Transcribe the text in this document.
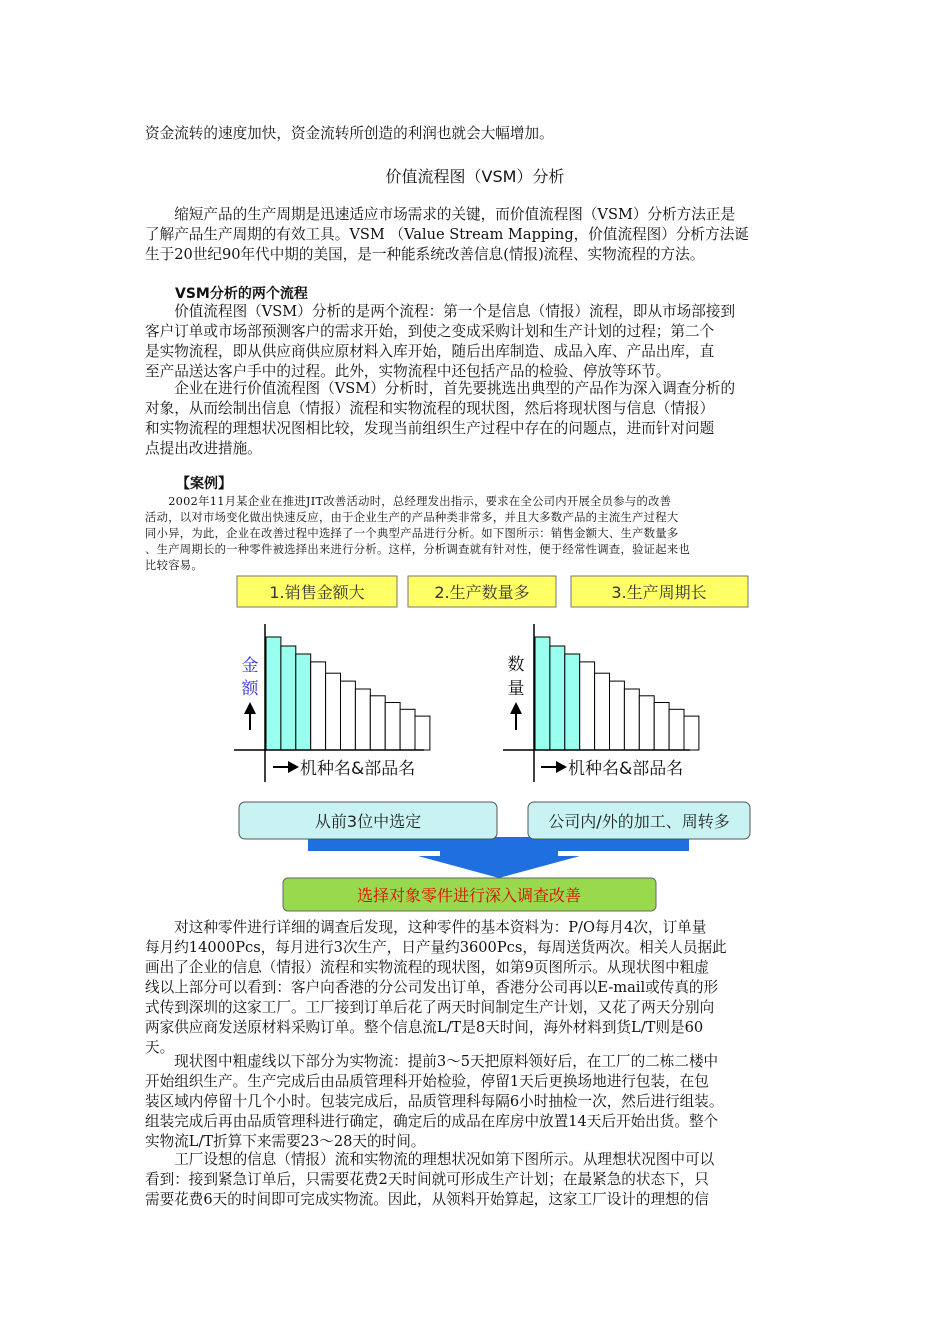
资金流转的速度加快，资金流转所创造的利润也就会大幅增加。

价值流程图（VSM）分析

　　缩短产品的生产周期是迅速适应市场需求的关键，而价值流程图（VSM）分析方法正是

了解产品生产周期的有效工具。VSM （Value Stream Mapping，价值流程图）分析方法诞

生于20世纪90年代中期的美国，是一种能系统改善信息(情报)流程、实物流程的方法。

VSM分析的两个流程

　　价值流程图（VSM）分析的是两个流程：第一个是信息（情报）流程，即从市场部接到

客户订单或市场部预测客户的需求开始，到使之变成采购计划和生产计划的过程；第二个

是实物流程，即从供应商供应原材料入库开始，随后出库制造、成品入库、产品出库，直

至产品送达客户手中的过程。此外，实物流程中还包括产品的检验、停放等环节。

　　企业在进行价值流程图（VSM）分析时，首先要挑选出典型的产品作为深入调查分析的

对象，从而绘制出信息（情报）流程和实物流程的现状图，然后将现状图与信息（情报）

和实物流程的理想状况图相比较，发现当前组织生产过程中存在的问题点，进而针对问题

点提出改进措施。

【案例】

　　2002年11月某企业在推进JIT改善活动时，总经理发出指示，要求在全公司内开展全员参与的改善

活动，以对市场变化做出快速反应，由于企业生产的产品种类非常多，并且大多数产品的主流生产过程大

同小异，为此，企业在改善过程中选择了一个典型产品进行分析。如下图所示：销售金额大、生产数量多

、生产周期长的一种零件被选择出来进行分析。这样，分析调查就有针对性，便于经常性调查，验证起来也

比较容易。

1.销售金额大	2.生产数量多	3.生产周期长
金
额
数
量
机种名&部品名	机种名&部品名
从前3位中选定	公司内/外的加工、周转多
选择对象零件进行深入调查改善

　　对这种零件进行详细的调查后发现，这种零件的基本资料为：P/O每月4次，订单量

每月约14000Pcs，每月进行3次生产，日产量约3600Pcs，每周送货两次。相关人员据此

画出了企业的信息（情报）流程和实物流程的现状图，如第9页图所示。从现状图中粗虚

线以上部分可以看到：客户向香港的分公司发出订单，香港分公司再以E-mail或传真的形

式传到深圳的这家工厂。工厂接到订单后花了两天时间制定生产计划，又花了两天分别向

两家供应商发送原材料采购订单。整个信息流L/T是8天时间，海外材料到货L/T则是60

天。

　　现状图中粗虚线以下部分为实物流：提前3～5天把原料领好后，在工厂的二栋二楼中

开始组织生产。生产完成后由品质管理科开始检验，停留1天后更换场地进行包装，在包

装区域内停留十几个小时。包装完成后，品质管理科每隔6小时抽检一次，然后进行组装。

组装完成后再由品质管理科进行确定，确定后的成品在库房中放置14天后开始出货。整个

实物流L/T折算下来需要23～28天的时间。

　　工厂设想的信息（情报）流和实物流的理想状况如第下图所示。从理想状况图中可以

看到：接到紧急订单后，只需要花费2天时间就可形成生产计划；在最紧急的状态下，只

需要花费6天的时间即可完成实物流。因此，从领料开始算起，这家工厂设计的理想的信
